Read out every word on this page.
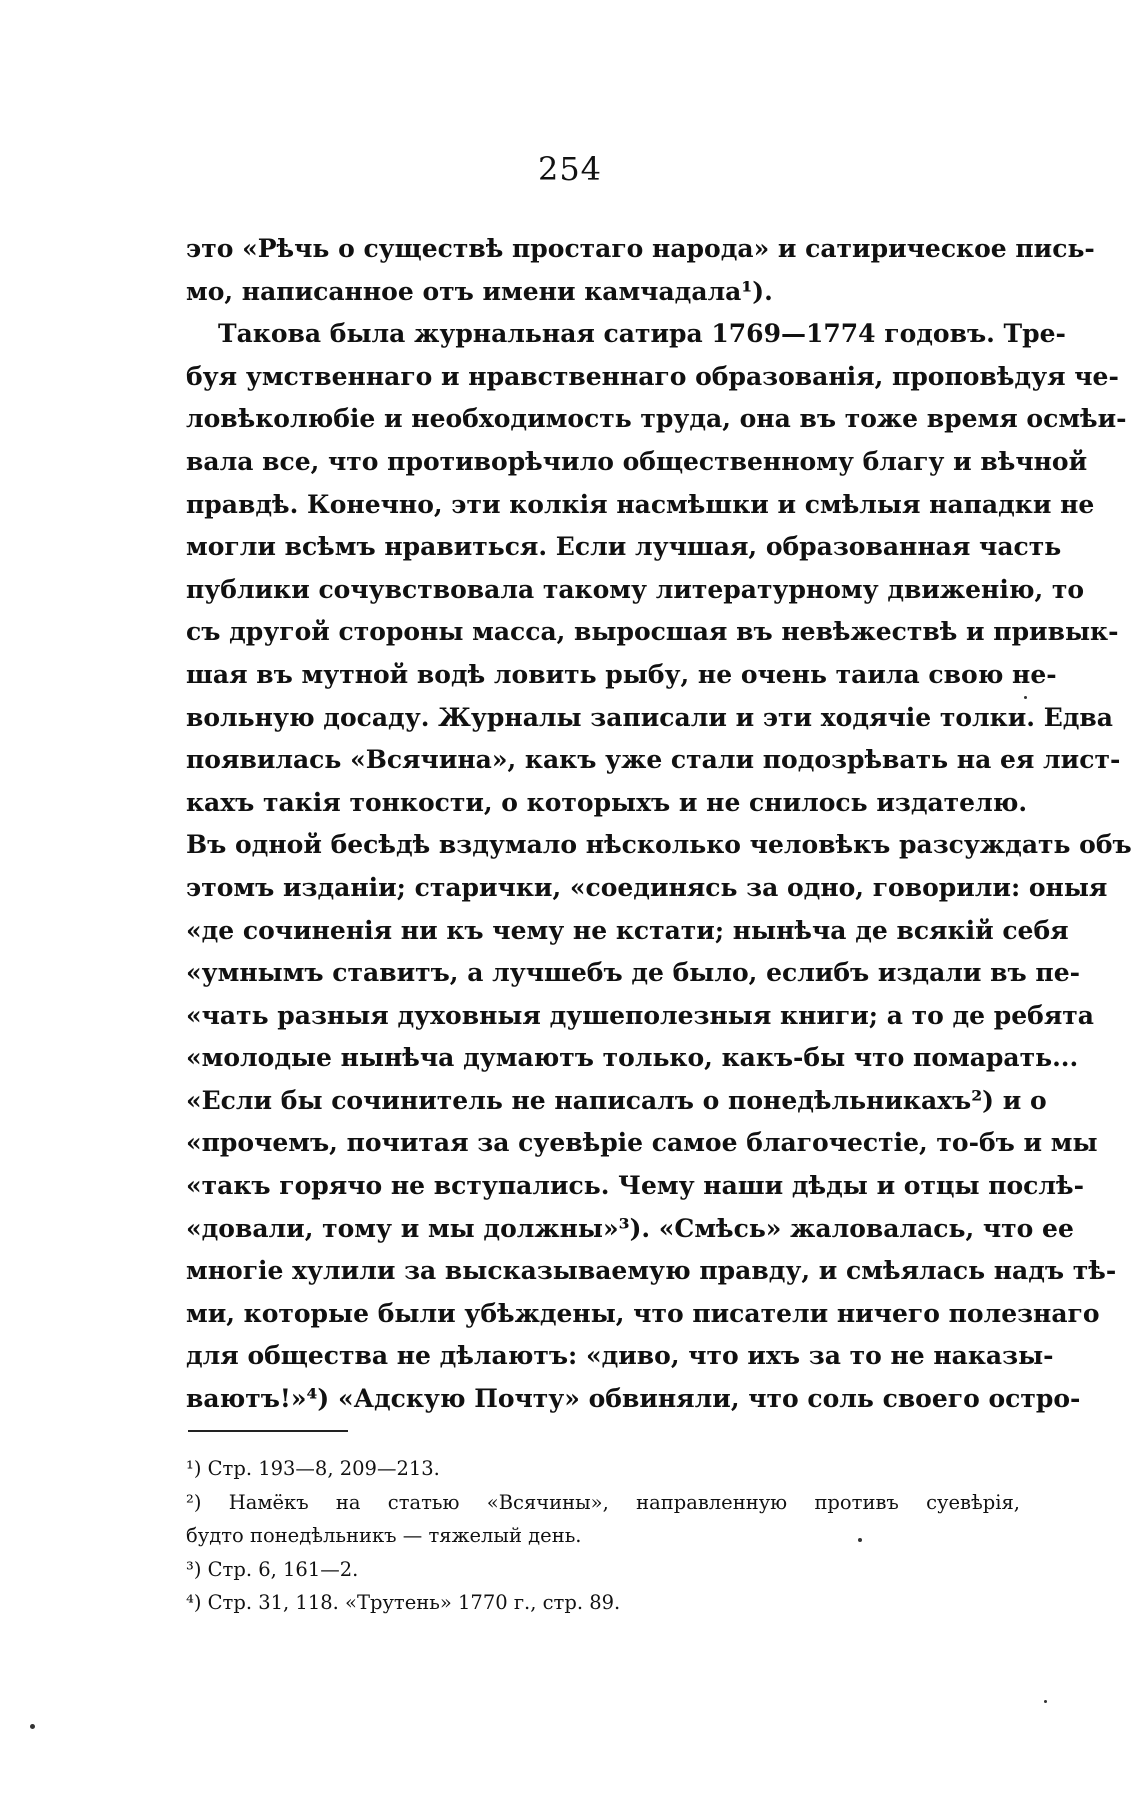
254
это «Рѣчь о существѣ простаго народа» и сатирическое пись-
мо, написанное отъ имени камчадала¹).
Такова была журнальная сатира 1769—1774 годовъ. Тре-
буя умственнаго и нравственнаго образованія, проповѣдуя че-
ловѣколюбіе и необходимость труда, она въ тоже время осмѣи-
вала все, что противорѣчило общественному благу и вѣчной
правдѣ. Конечно, эти колкія насмѣшки и смѣлыя нападки не
могли всѣмъ нравиться. Если лучшая, образованная часть
публики сочувствовала такому литературному движенію, то
съ другой стороны масса, выросшая въ невѣжествѣ и привык-
шая въ мутной водѣ ловить рыбу, не очень таила свою не-
вольную досаду. Журналы записали и эти ходячіе толки. Едва
появилась «Всячина», какъ уже стали подозрѣвать на ея лист-
кахъ такія тонкости, о которыхъ и не снилось издателю.
Въ одной бесѣдѣ вздумало нѣсколько человѣкъ разсуждать объ
этомъ изданіи; старички, «соединясь за одно, говорили: оныя
«де сочиненія ни къ чему не кстати; нынѣча де всякій себя
«умнымъ ставитъ, а лучшебъ де было, еслибъ издали въ пе-
«чать разныя духовныя душеполезныя книги; а то де ребята
«молодые нынѣча думаютъ только, какъ-бы что помарать...
«Если бы сочинитель не написалъ о понедѣльникахъ²) и о
«прочемъ, почитая за суевѣріе самое благочестіе, то-бъ и мы
«такъ горячо не вступались. Чему наши дѣды и отцы послѣ-
«довали, тому и мы должны»³). «Смѣсь» жаловалась, что ее
многіе хулили за высказываемую правду, и смѣялась надъ тѣ-
ми, которые были убѣждены, что писатели ничего полезнаго
для общества не дѣлаютъ: «диво, что ихъ за то не наказы-
ваютъ!»⁴) «Адскую Почту» обвиняли, что соль своего остро-
¹) Стр. 193—8, 209—213.
²) Намёкъ на статью «Всячины», направленную противъ суевѣрія,
будто понедѣльникъ — тяжелый день.
³) Стр. 6, 161—2.
⁴) Стр. 31, 118. «Трутень» 1770 г., стр. 89.
